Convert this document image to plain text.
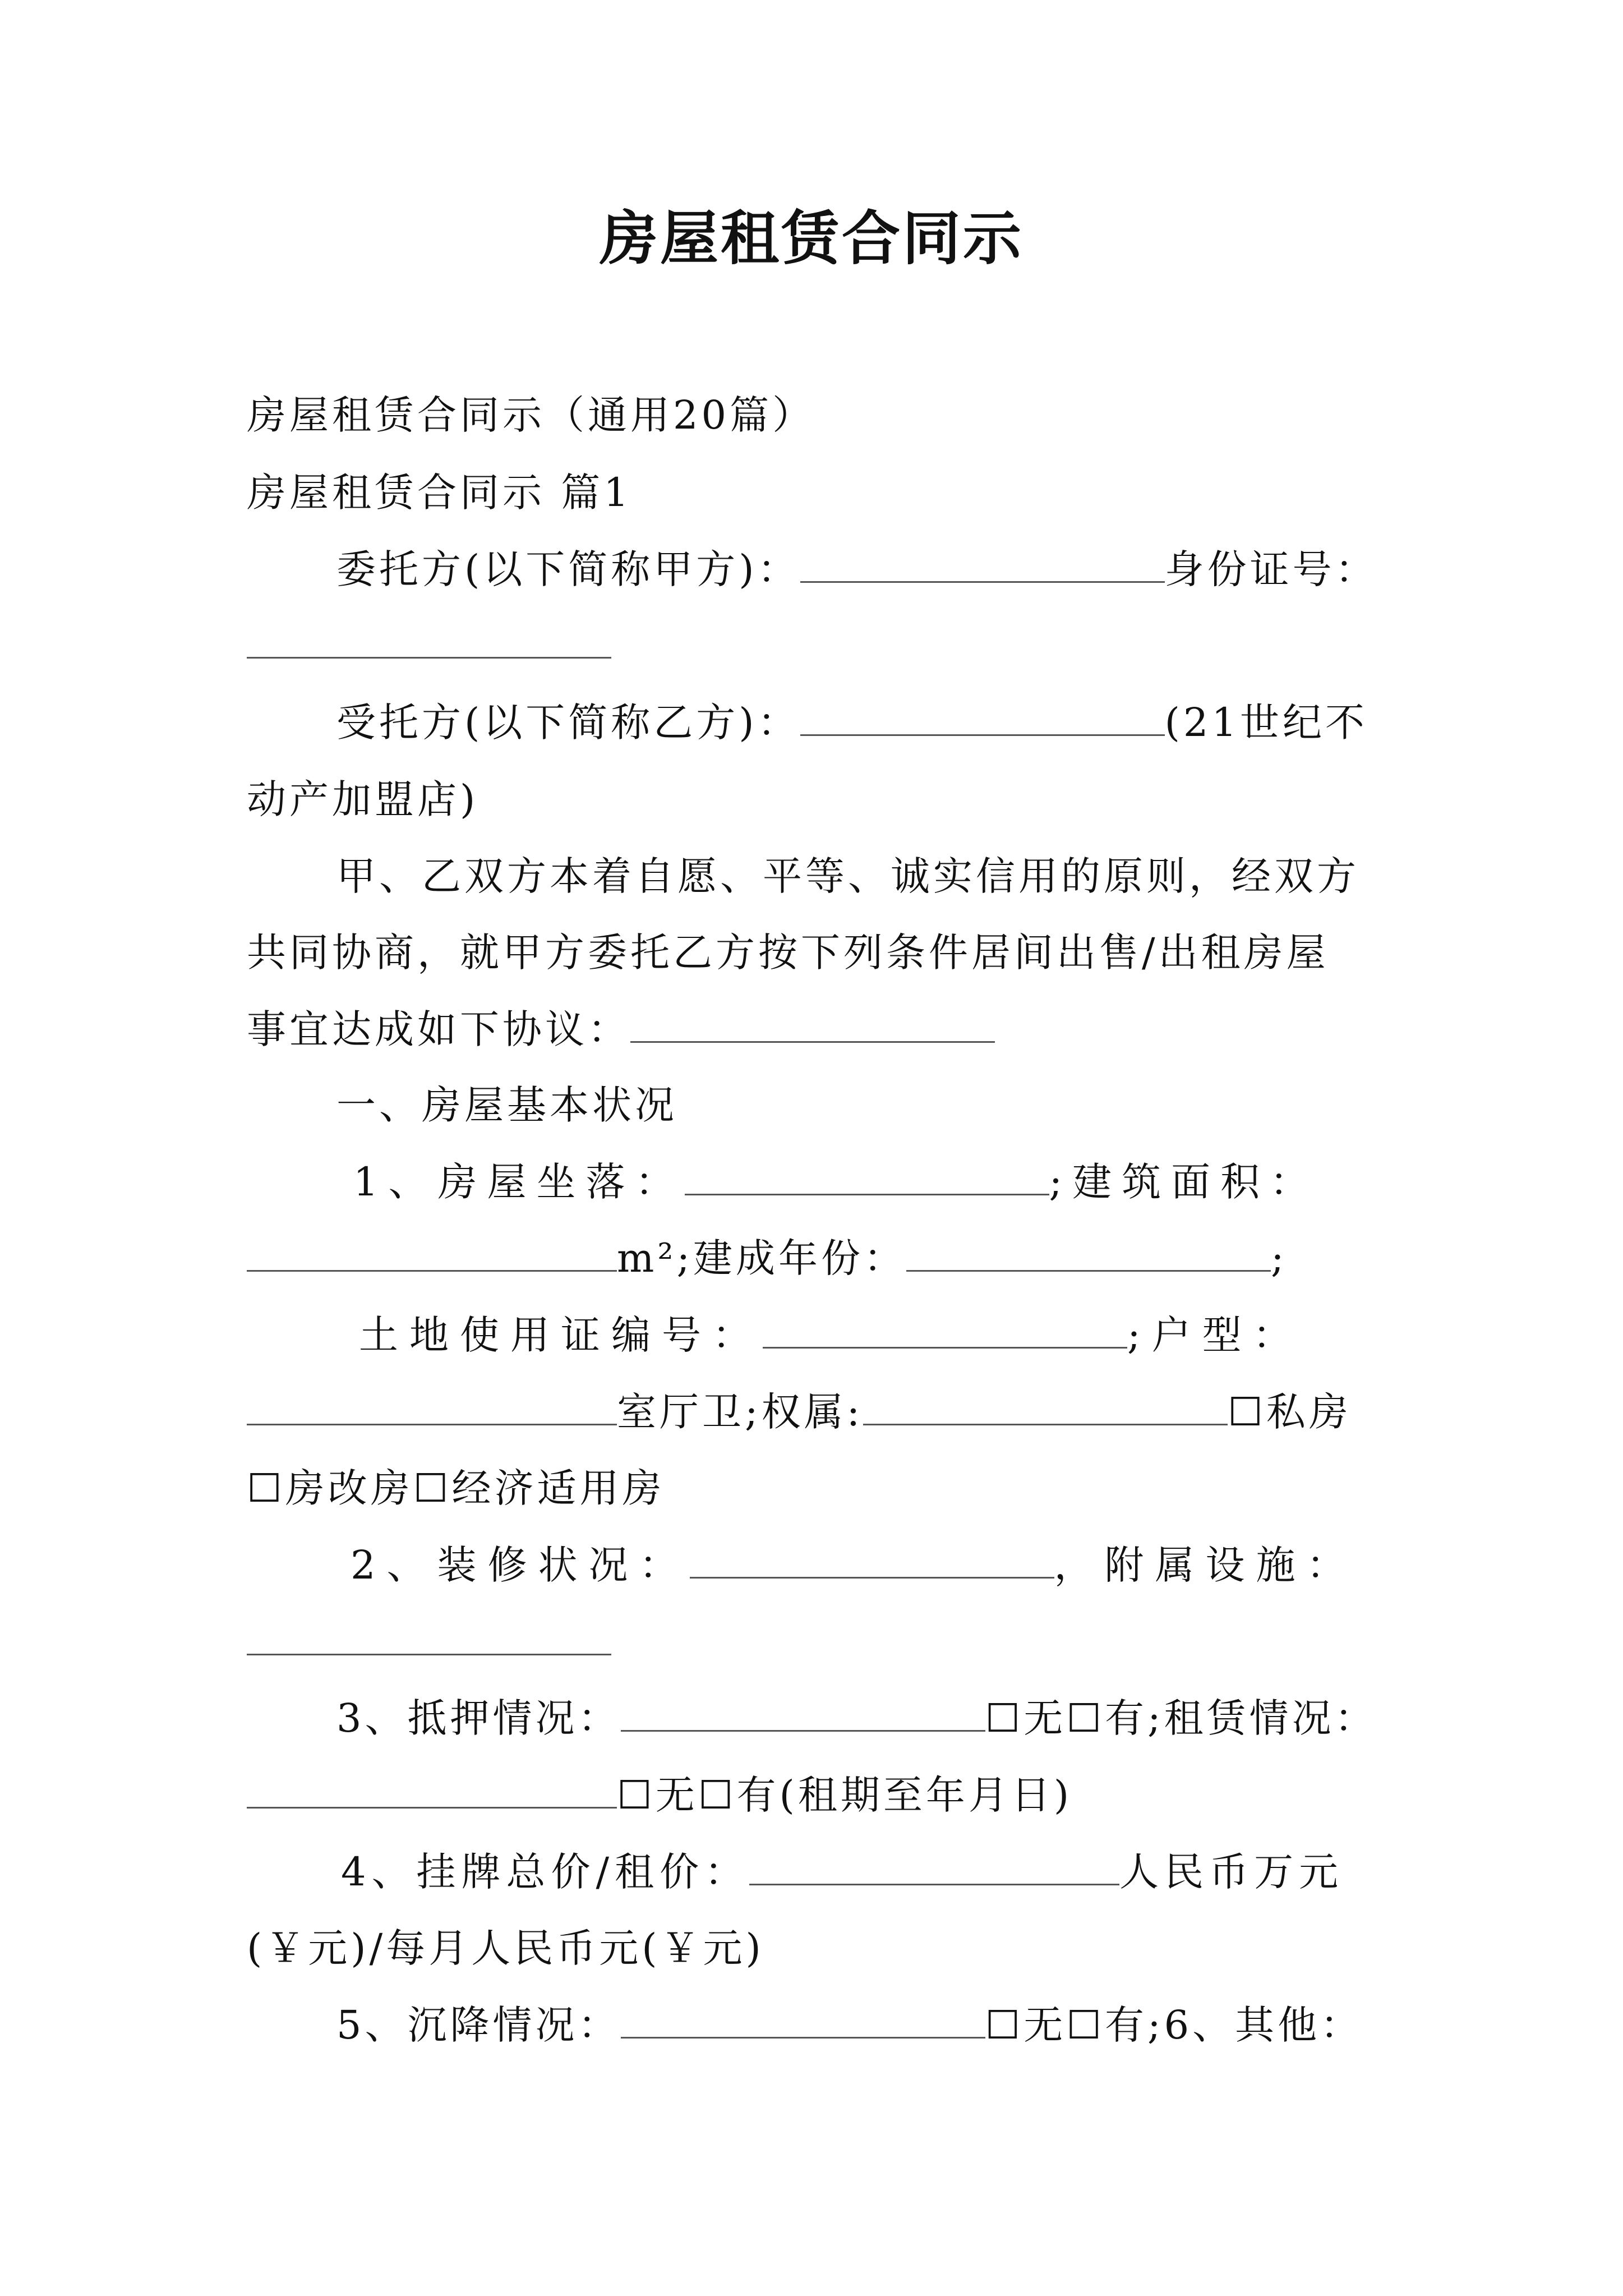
房屋租赁合同示
房屋租赁合同示（通用20篇）
房屋租赁合同示 篇1
委托方(以下简称甲方)：	身份证号：
受托方(以下简称乙方)：	(21世纪不
动产加盟店)
甲、乙双方本着自愿、平等、诚实信用的原则，经双方
共同协商，就甲方委托乙方按下列条件居间出售/出租房屋
事宜达成如下协议：
一、房屋基本状况
1、房屋坐落：	;建筑面积：
m²;建成年份：	;
土地使用证编号：	;户型：
室厅卫;权属:	☐私房
☐房改房☐经济适用房
2、装修状况：	，附属设施：
3、抵押情况：	☐无☐有;租赁情况：
☐无☐有(租期至年月日)
4、挂牌总价/租价：	人民币万元
(￥元)/每月人民币元(￥元)
5、沉降情况：	☐无☐有;6、其他：
